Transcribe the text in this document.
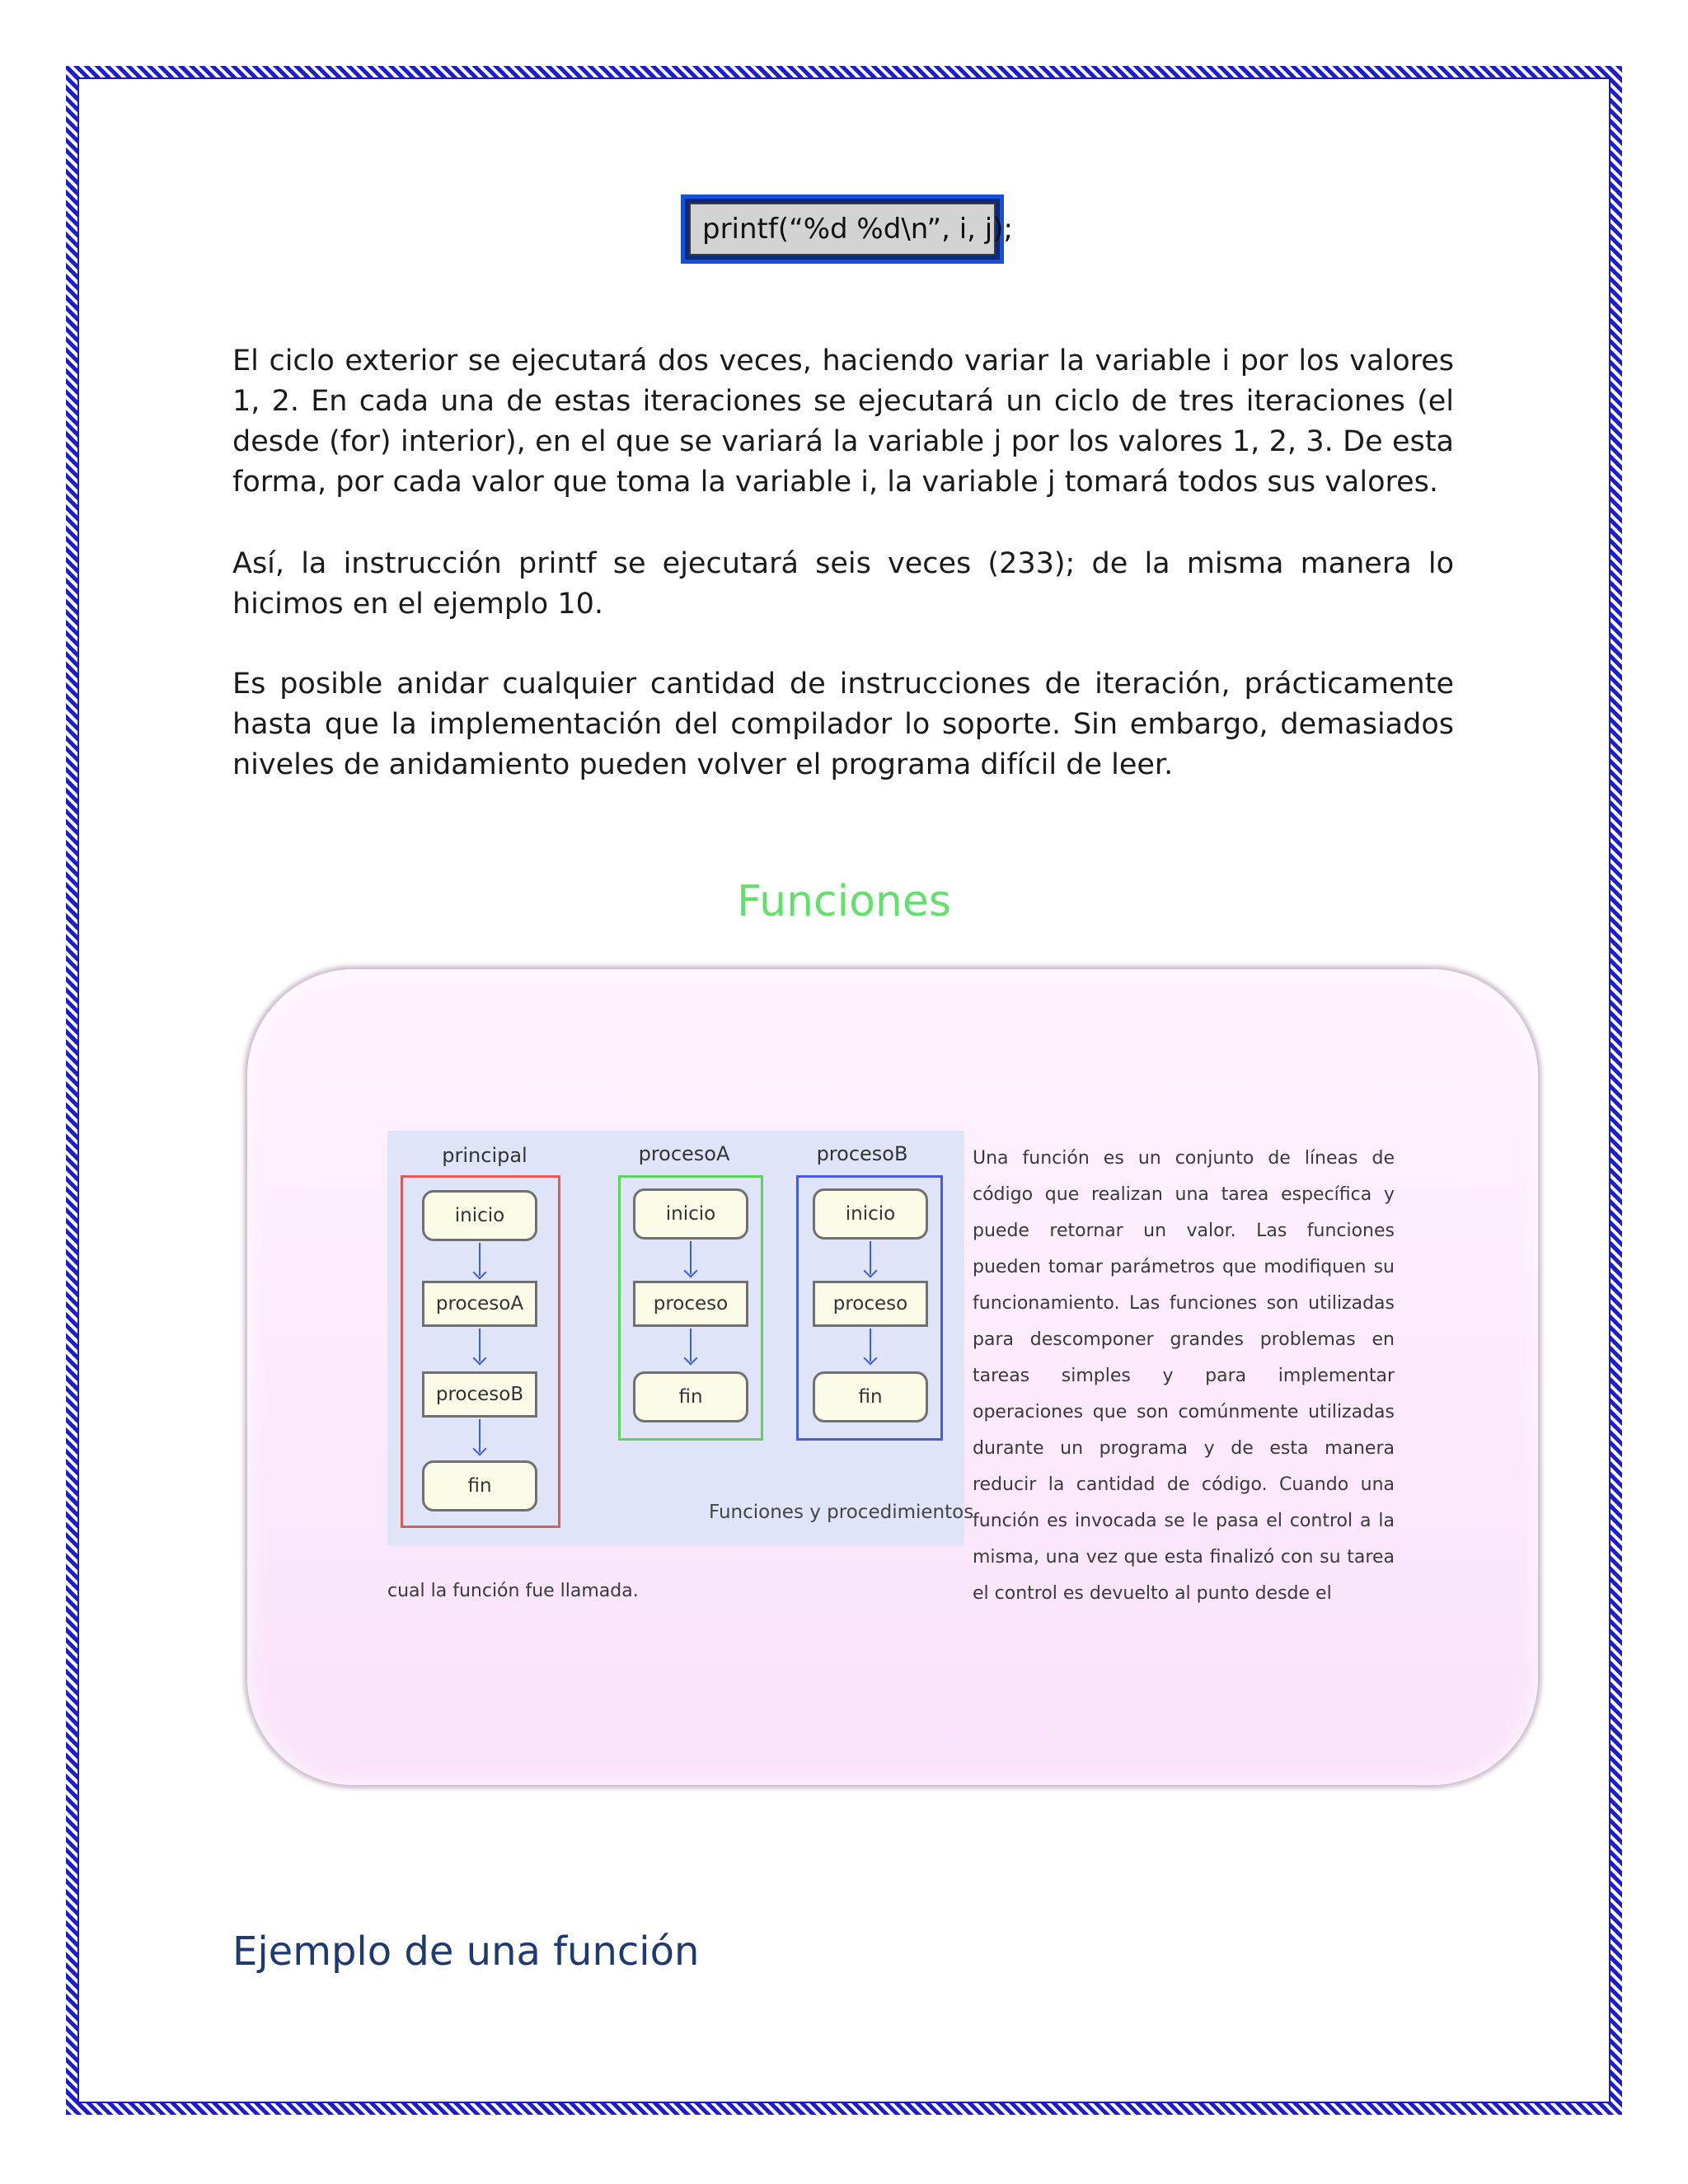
printf(“%d %d\n”, i, j);

El ciclo exterior se ejecutará dos veces, haciendo variar la variable i por los valores 1, 2. En cada una de estas iteraciones se ejecutará un ciclo de tres iteraciones (el desde (for) interior), en el que se variará la variable j por los valores 1, 2, 3. De esta forma, por cada valor que toma la variable i, la variable j tomará todos sus valores.

Así, la instrucción printf se ejecutará seis veces (233); de la misma manera lo hicimos en el ejemplo 10.

Es posible anidar cualquier cantidad de instrucciones de iteración, prácticamente hasta que la implementación del compilador lo soporte. Sin embargo, demasiados niveles de anidamiento pueden volver el programa difícil de leer.

Funciones
principal
inicio
procesoA
procesoB
fin
procesoA
inicio
proceso
fin
procesoB
inicio
proceso
fin
Funciones y procedimientos

Una función es un conjunto de líneas de código que realizan una tarea específica y puede retornar un valor. Las funciones pueden tomar parámetros que modifiquen su funcionamiento. Las funciones son utilizadas para descomponer grandes problemas en tareas simples y para implementar operaciones que son comúnmente utilizadas durante un programa y de esta manera reducir la cantidad de código. Cuando una función es invocada se le pasa el control a la misma, una vez que esta finalizó con su tarea el control es devuelto al punto desde el

cual la función fue llamada.

Ejemplo de una función
